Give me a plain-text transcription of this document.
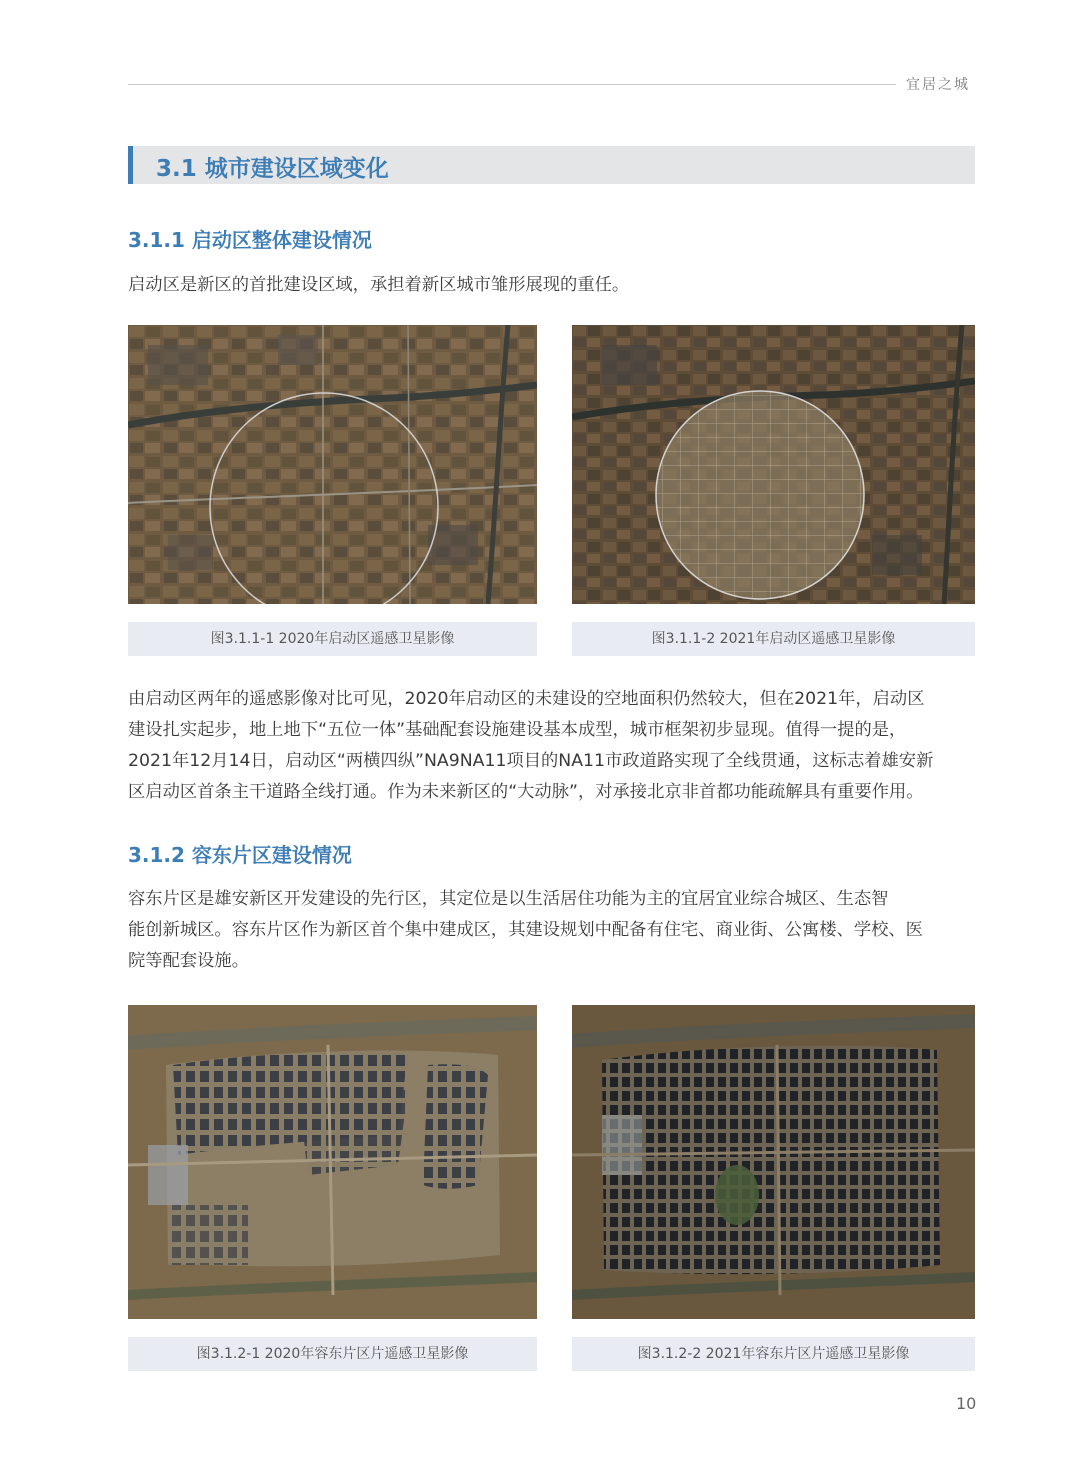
宜居之城
3.1 城市建设区域变化
3.1.1 启动区整体建设情况
启动区是新区的首批建设区域，承担着新区城市雏形展现的重任。
图3.1.1-1 2020年启动区遥感卫星影像	图3.1.1-2 2021年启动区遥感卫星影像
由启动区两年的遥感影像对比可见，2020年启动区的未建设的空地面积仍然较大，但在2021年，启动区
建设扎实起步，地上地下“五位一体”基础配套设施建设基本成型，城市框架初步显现。值得一提的是，
2021年12月14日，启动区“两横四纵”NA9NA11项目的NA11市政道路实现了全线贯通，这标志着雄安新
区启动区首条主干道路全线打通。作为未来新区的“大动脉”，对承接北京非首都功能疏解具有重要作用。
3.1.2 容东片区建设情况
容东片区是雄安新区开发建设的先行区，其定位是以生活居住功能为主的宜居宜业综合城区、生态智
能创新城区。容东片区作为新区首个集中建成区，其建设规划中配备有住宅、商业街、公寓楼、学校、医
院等配套设施。
图3.1.2-1 2020年容东片区片遥感卫星影像	图3.1.2-2 2021年容东片区片遥感卫星影像
10
